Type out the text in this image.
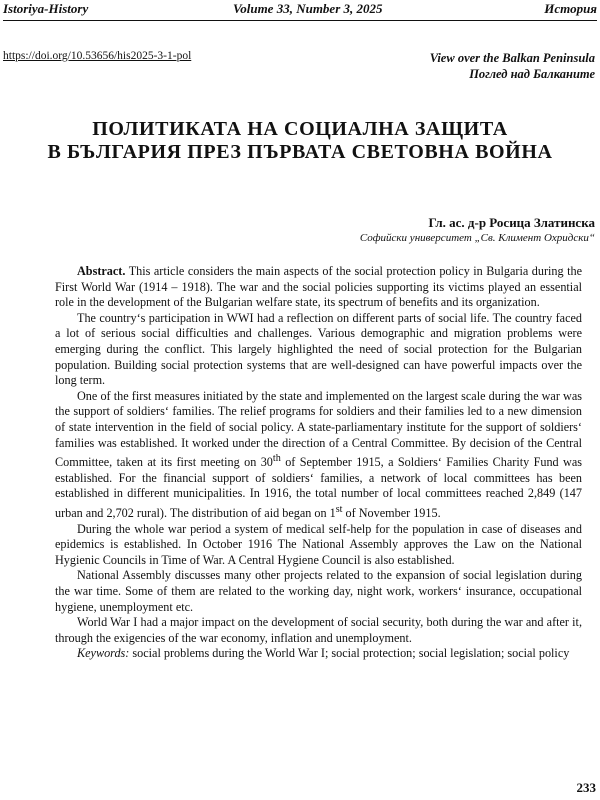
Istoriya-History	Volume 33, Number 3, 2025	История
https://doi.org/10.53656/his2025-3-1-pol	View over the Balkan Peninsula
Поглед над Балканите
ПОЛИТИКАТА НА СОЦИАЛНА ЗАЩИТА
В БЪЛГАРИЯ ПРЕЗ ПЪРВАТА СВЕТОВНА ВОЙНА
Гл. ас. д-р Росица Златинска
Софийски университет „Св. Климент Охридски“

Abstract. This article considers the main aspects of the social protection policy in Bulgaria during the First World War (1914 – 1918). The war and the social policies supporting its victims played an essential role in the development of the Bulgarian welfare state, its spectrum of benefits and its organization.

The country‘s participation in WWI had a reflection on different parts of social life. The country faced a lot of serious social difficulties and challenges. Various demographic and migration problems were emerging during the conflict. This largely highlighted the need of social protection for the Bulgarian population. Building social protection systems that are well-designed can have powerful impacts over the long term.

One of the first measures initiated by the state and implemented on the largest scale during the war was the support of soldiers‘ families. The relief programs for soldiers and their families led to a new dimension of state intervention in the field of social policy. A state-parliamentary institute for the support of soldiers‘ families was established. It worked under the direction of a Central Committee. By decision of the Central Committee, taken at its first meeting on 30th of September 1915, a Soldiers‘ Families Charity Fund was established. For the financial support of soldiers‘ families, a network of local committees has been established in different municipalities. In 1916, the total number of local committees reached 2,849 (147 urban and 2,702 rural). The distribution of aid began on 1st of November 1915.

During the whole war period a system of medical self-help for the population in case of diseases and epidemics is established. In October 1916 The National Assembly approves the Law on the National Hygienic Councils in Time of War. A Central Hygiene Council is also established.

National Assembly discusses many other projects related to the expansion of social legislation during the war time. Some of them are related to the working day, night work, workers‘ insurance, occupational hygiene, unemployment etc.

World War I had a major impact on the development of social security, both during the war and after it, through the exigencies of the war economy, inflation and unemployment.

Keywords: social problems during the World War I; social protection; social legislation; social policy

233
